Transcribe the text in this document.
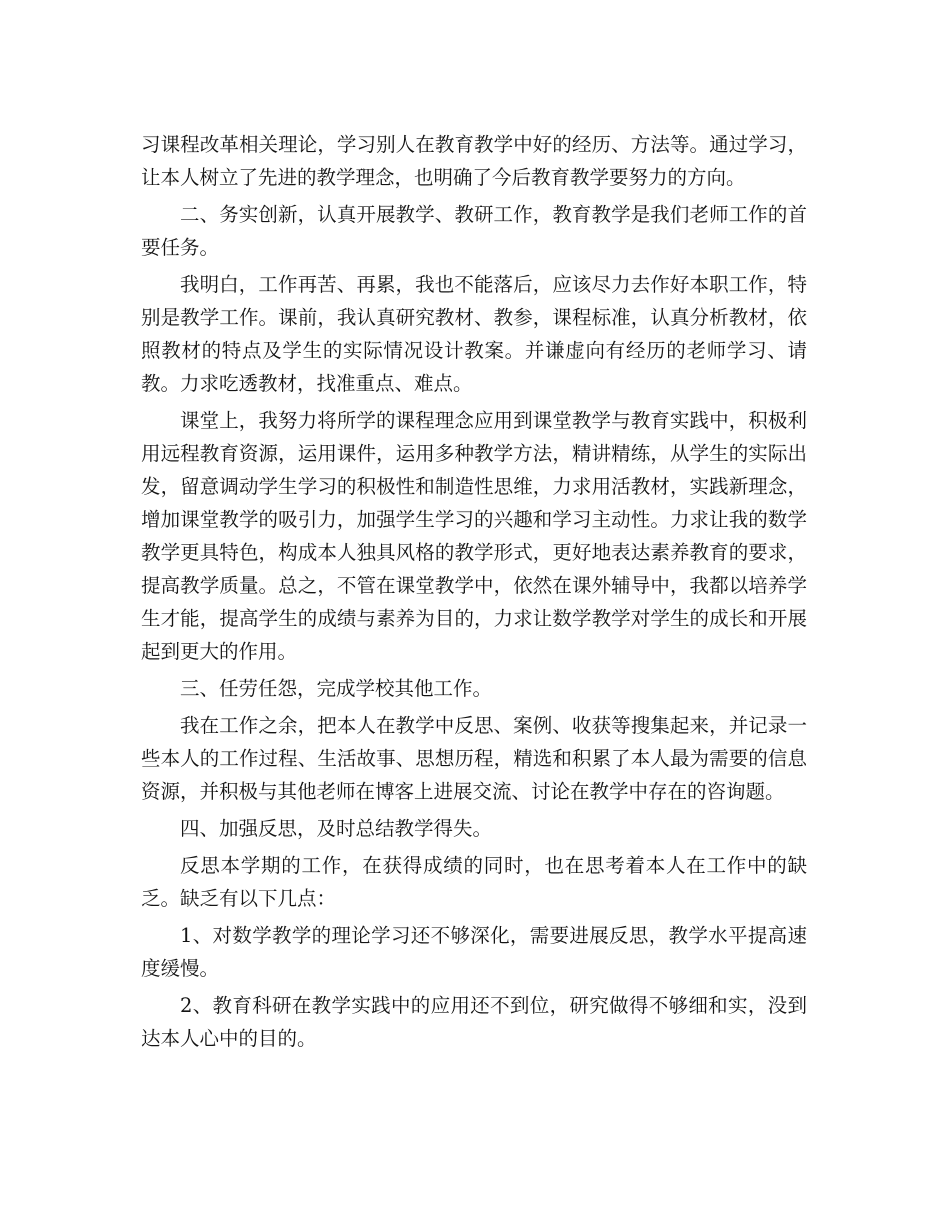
习课程改革相关理论，学习别人在教育教学中好的经历、方法等。通过学习，让本人树立了先进的教学理念，也明确了今后教育教学要努力的方向。

二、务实创新，认真开展教学、教研工作，教育教学是我们老师工作的首要任务。

我明白，工作再苦、再累，我也不能落后，应该尽力去作好本职工作，特别是教学工作。课前，我认真研究教材、教参，课程标准，认真分析教材，依照教材的特点及学生的实际情况设计教案。并谦虚向有经历的老师学习、请教。力求吃透教材，找准重点、难点。

课堂上，我努力将所学的课程理念应用到课堂教学与教育实践中，积极利用远程教育资源，运用课件，运用多种教学方法，精讲精练，从学生的实际出发，留意调动学生学习的积极性和制造性思维，力求用活教材，实践新理念，增加课堂教学的吸引力，加强学生学习的兴趣和学习主动性。力求让我的数学教学更具特色，构成本人独具风格的教学形式，更好地表达素养教育的要求，提高教学质量。总之，不管在课堂教学中，依然在课外辅导中，我都以培养学生才能，提高学生的成绩与素养为目的，力求让数学教学对学生的成长和开展起到更大的作用。

三、任劳任怨，完成学校其他工作。

我在工作之余，把本人在教学中反思、案例、收获等搜集起来，并记录一些本人的工作过程、生活故事、思想历程，精选和积累了本人最为需要的信息资源，并积极与其他老师在博客上进展交流、讨论在教学中存在的咨询题。

四、加强反思，及时总结教学得失。

反思本学期的工作，在获得成绩的同时，也在思考着本人在工作中的缺乏。缺乏有以下几点：

1、对数学教学的理论学习还不够深化，需要进展反思，教学水平提高速度缓慢。

2、教育科研在教学实践中的应用还不到位，研究做得不够细和实，没到达本人心中的目的。
